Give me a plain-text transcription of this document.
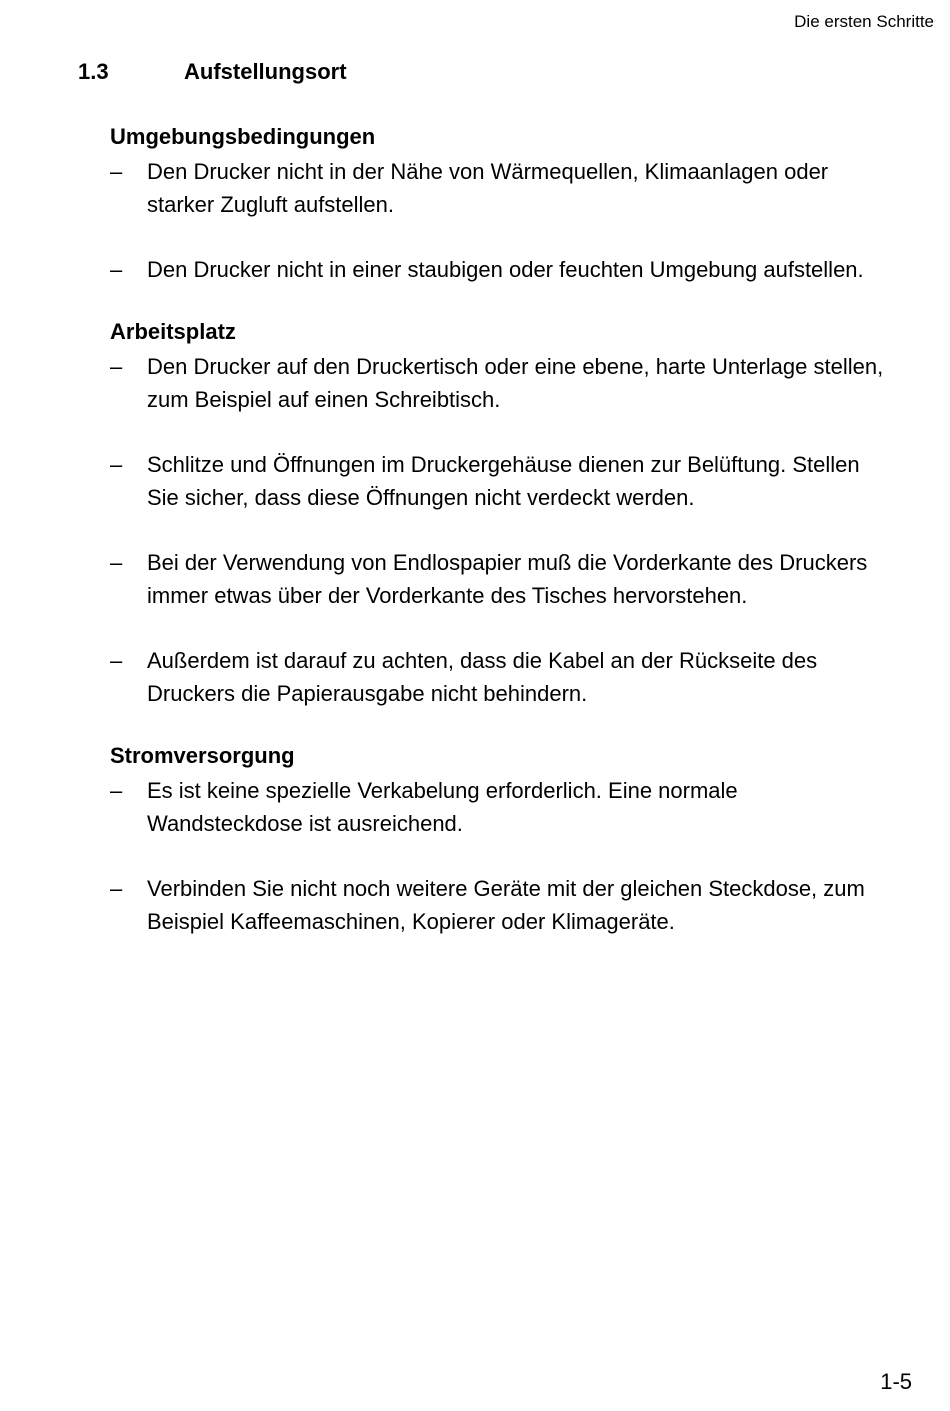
Die ersten Schritte
1.3	Aufstellungsort
Umgebungsbedingungen
–	Den Drucker nicht in der Nähe von Wärmequellen, Klimaanlagen oder
starker Zugluft aufstellen.
–	Den Drucker nicht in einer staubigen oder feuchten Umgebung aufstellen.
Arbeitsplatz
–	Den Drucker auf den Druckertisch oder eine ebene, harte Unterlage stellen,
zum Beispiel auf einen Schreibtisch.
–	Schlitze und Öffnungen im Druckergehäuse dienen zur Belüftung. Stellen
Sie sicher, dass diese Öffnungen nicht verdeckt werden.
–	Bei der Verwendung von Endlospapier muß die Vorderkante des Druckers
immer etwas über der Vorderkante des Tisches hervorstehen.
–	Außerdem ist darauf zu achten, dass die Kabel an der Rückseite des
Druckers die Papierausgabe nicht behindern.
Stromversorgung
–	Es ist keine spezielle Verkabelung erforderlich. Eine normale
Wandsteckdose ist ausreichend.
–	Verbinden Sie nicht noch weitere Geräte mit der gleichen Steckdose, zum
Beispiel Kaffeemaschinen, Kopierer oder Klimageräte.
1-5
